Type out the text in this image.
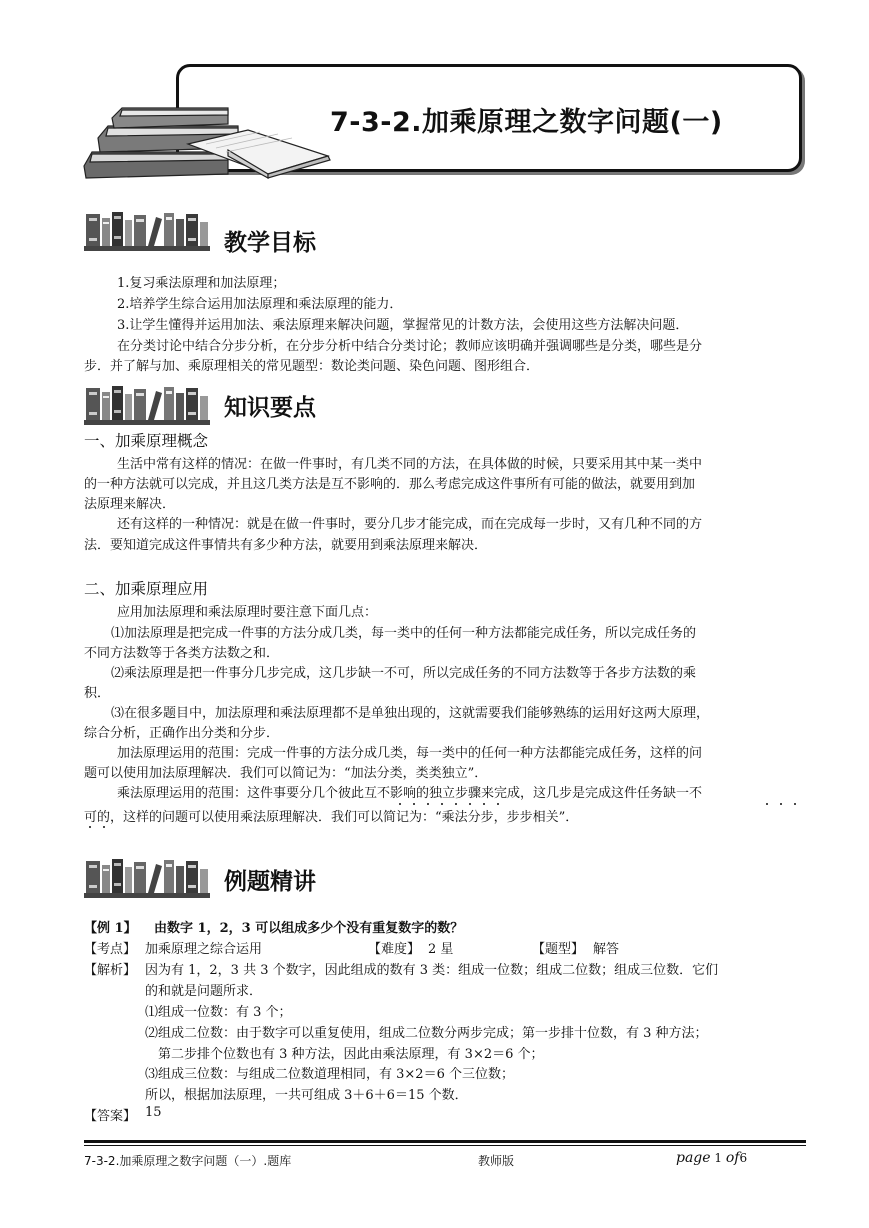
7-3-2.加乘原理之数字问题(一)
教学目标
1.复习乘法原理和加法原理；
2.培养学生综合运用加法原理和乘法原理的能力．
3.让学生懂得并运用加法、乘法原理来解决问题，掌握常见的计数方法，会使用这些方法解决问题．
在分类讨论中结合分步分析，在分步分析中结合分类讨论；教师应该明确并强调哪些是分类，哪些是分
步．并了解与加、乘原理相关的常见题型：数论类问题、染色问题、图形组合．
知识要点
一、加乘原理概念
生活中常有这样的情况：在做一件事时，有几类不同的方法，在具体做的时候，只要采用其中某一类中
的一种方法就可以完成，并且这几类方法是互不影响的．那么考虑完成这件事所有可能的做法，就要用到加
法原理来解决．
还有这样的一种情况：就是在做一件事时，要分几步才能完成，而在完成每一步时，又有几种不同的方
法．要知道完成这件事情共有多少种方法，就要用到乘法原理来解决．
二、加乘原理应用
应用加法原理和乘法原理时要注意下面几点：
⑴加法原理是把完成一件事的方法分成几类，每一类中的任何一种方法都能完成任务，所以完成任务的
不同方法数等于各类方法数之和．
⑵乘法原理是把一件事分几步完成，这几步缺一不可，所以完成任务的不同方法数等于各步方法数的乘
积．
⑶在很多题目中，加法原理和乘法原理都不是单独出现的，这就需要我们能够熟练的运用好这两大原理，
综合分析，正确作出分类和分步．
加法原理运用的范围：完成一件事的方法分成几类，每一类中的任何一种方法都能完成任务，这样的问
题可以使用加法原理解决．我们可以简记为：“加法分类，类类独立”．
乘法原理运用的范围：这件事要分几个彼此互不影响的独立步骤来完成，这几步是完成这件任务缺一不
可的，这样的问题可以使用乘法原理解决．我们可以简记为：“乘法分步，步步相关”．
例题精讲
【例 1】 由数字 1，2，3 可以组成多少个没有重复数字的数？
【考点】 加乘原理之综合运用	【难度】 2 星	【题型】 解答
【解析】 因为有 1，2，3 共 3 个数字，因此组成的数有 3 类：组成一位数；组成二位数；组成三位数．它们
的和就是问题所求．
⑴组成一位数：有 3 个；
⑵组成二位数：由于数字可以重复使用，组成二位数分两步完成；第一步排十位数，有 3 种方法；
第二步排个位数也有 3 种方法，因此由乘法原理，有 3×2＝6 个；
⑶组成三位数：与组成二位数道理相同，有 3×2＝6 个三位数；
所以，根据加法原理，一共可组成 3＋6＋6＝15 个数．
【答案】 15
7-3-2.加乘原理之数字问题（一）.题库	教师版	page 1 of6
